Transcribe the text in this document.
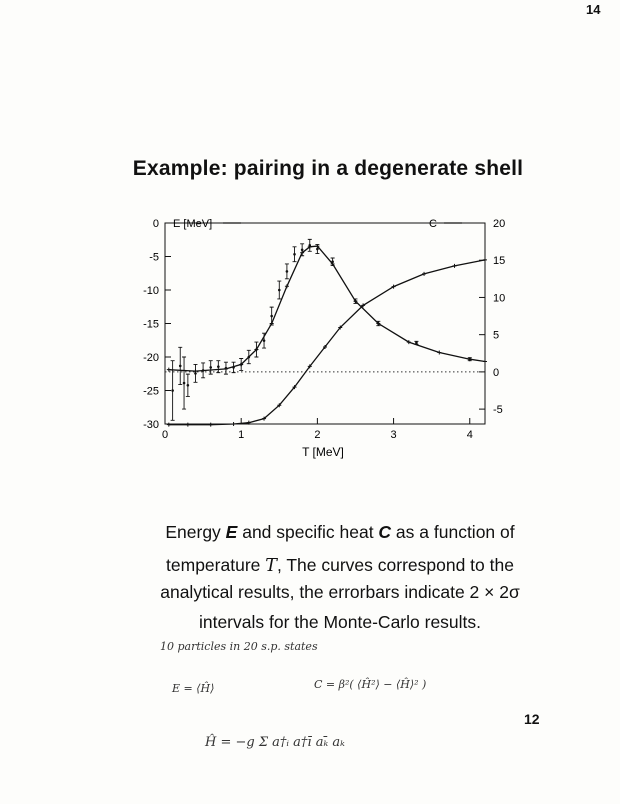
14
Example: pairing in a degenerate shell
0
-5
-10
-15
-20
-25
-30
20
15
10
5
0
-5
0	1	2	3	4
E [MeV]	C
T [MeV]
Energy E and specific heat C as a function of
temperature T, The curves correspond to the
analytical results, the errorbars indicate 2 × 2σ
intervals for the Monte-Carlo results.
10 particles in 20 s.p. states
E = ⟨Ĥ⟩	C = β²( ⟨Ĥ²⟩ − ⟨Ĥ⟩² )
12
Ĥ = −g Σ a†ᵢ a†ī aₖ̄ aₖ
